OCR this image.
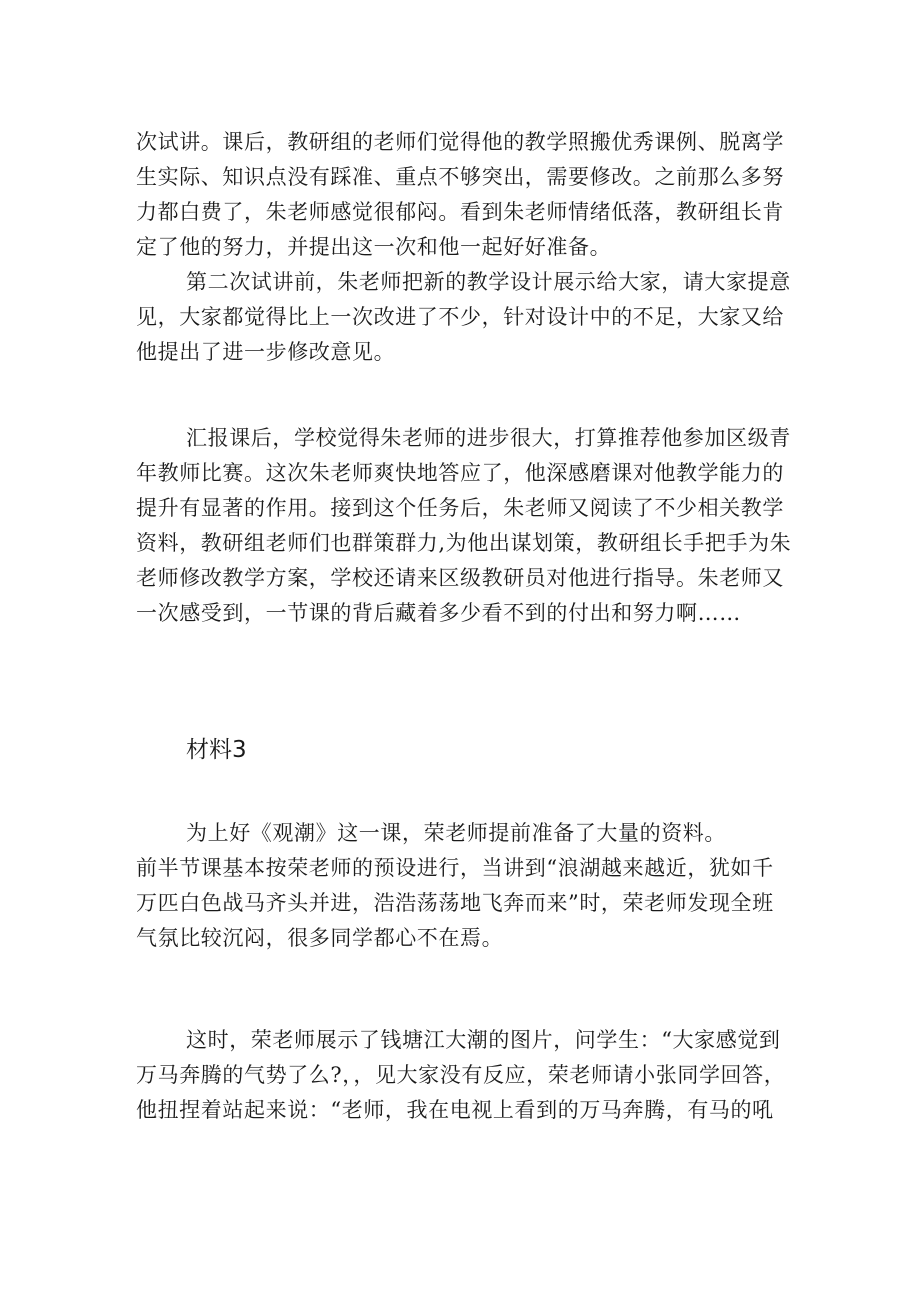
次试讲。课后，教研组的老师们觉得他的教学照搬优秀课例、脱离学
生实际、知识点没有踩准、重点不够突出，需要修改。之前那么多努
力都白费了，朱老师感觉很郁闷。看到朱老师情绪低落，教研组长肯
定了他的努力，并提出这一次和他一起好好准备。
第二次试讲前，朱老师把新的教学设计展示给大家，请大家提意
见，大家都觉得比上一次改进了不少，针对设计中的不足，大家又给
他提出了进一步修改意见。
汇报课后，学校觉得朱老师的进步很大，打算推荐他参加区级青
年教师比赛。这次朱老师爽快地答应了，他深感磨课对他教学能力的
提升有显著的作用。接到这个任务后，朱老师又阅读了不少相关教学
资料，教研组老师们也群策群力,为他出谋划策，教研组长手把手为朱
老师修改教学方案，学校还请来区级教研员对他进行指导。朱老师又
一次感受到，一节课的背后藏着多少看不到的付出和努力啊……
材料3
为上好《观潮》这一课，荣老师提前准备了大量的资料。
前半节课基本按荣老师的预设进行，当讲到“浪湖越来越近，犹如千
万匹白色战马齐头并进，浩浩荡荡地飞奔而来”时，荣老师发现全班
气氛比较沉闷，很多同学都心不在焉。
这时，荣老师展示了钱塘江大潮的图片，问学生：“大家感觉到
万马奔腾的气势了么?，，见大家没有反应，荣老师请小张同学回答，
他扭捏着站起来说：“老师，我在电视上看到的万马奔腾，有马的吼
